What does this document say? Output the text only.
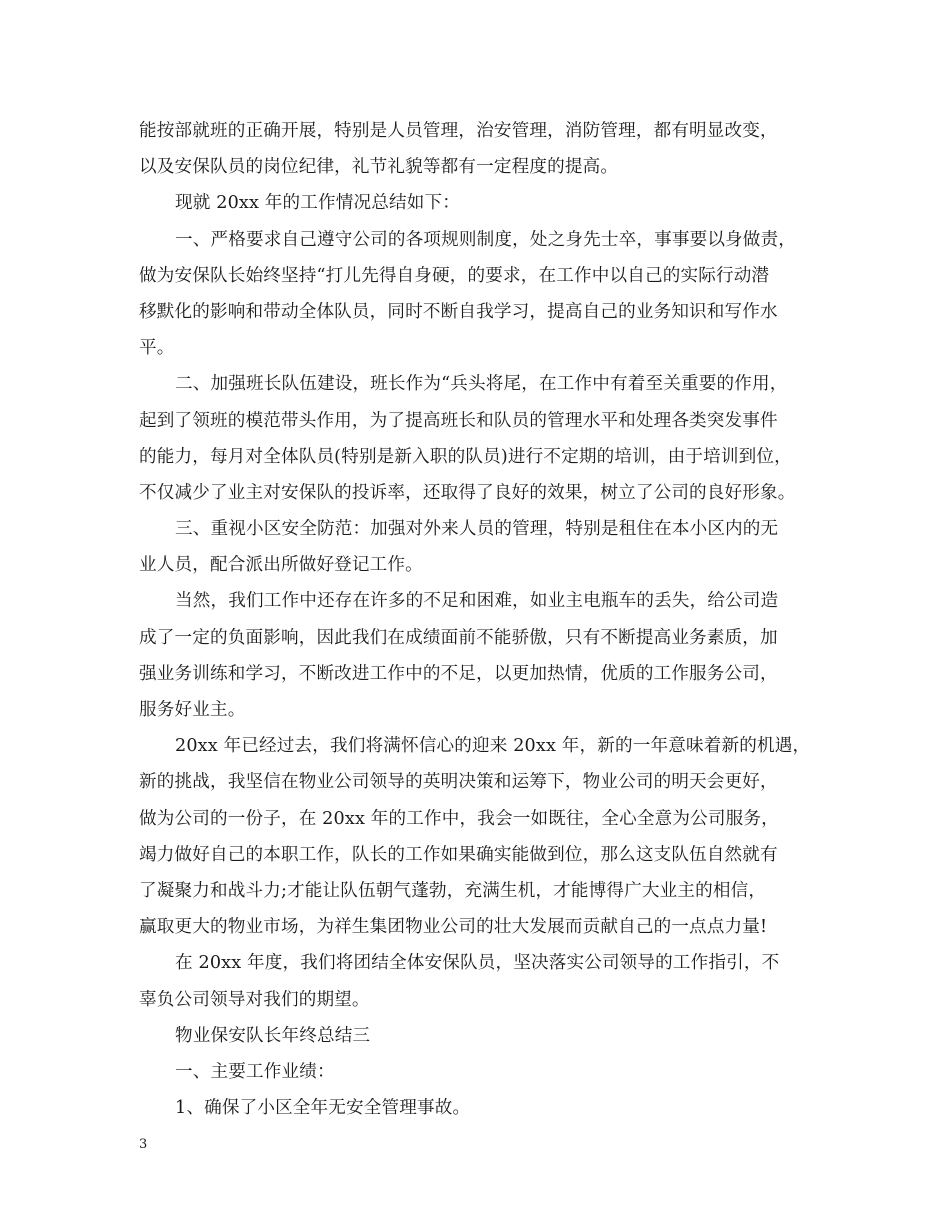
能按部就班的正确开展，特别是人员管理，治安管理，消防管理，都有明显改变，
以及安保队员的岗位纪律，礼节礼貌等都有一定程度的提高。
现就 20xx 年的工作情况总结如下：
一、严格要求自己遵守公司的各项规则制度，处之身先士卒，事事要以身做责，
做为安保队长始终坚持“打儿先得自身硬，的要求，在工作中以自己的实际行动潜
移默化的影响和带动全体队员，同时不断自我学习，提高自己的业务知识和写作水
平。
二、加强班长队伍建设，班长作为“兵头将尾，在工作中有着至关重要的作用，
起到了领班的模范带头作用，为了提高班长和队员的管理水平和处理各类突发事件
的能力，每月对全体队员(特别是新入职的队员)进行不定期的培训，由于培训到位，
不仅减少了业主对安保队的投诉率，还取得了良好的效果，树立了公司的良好形象。
三、重视小区安全防范：加强对外来人员的管理，特别是租住在本小区内的无
业人员，配合派出所做好登记工作。
当然，我们工作中还存在许多的不足和困难，如业主电瓶车的丢失，给公司造
成了一定的负面影响，因此我们在成绩面前不能骄傲，只有不断提高业务素质，加
强业务训练和学习，不断改进工作中的不足，以更加热情，优质的工作服务公司，
服务好业主。
20xx 年已经过去，我们将满怀信心的迎来 20xx 年，新的一年意味着新的机遇，
新的挑战，我坚信在物业公司领导的英明决策和运筹下，物业公司的明天会更好，
做为公司的一份子，在 20xx 年的工作中，我会一如既往，全心全意为公司服务，
竭力做好自己的本职工作，队长的工作如果确实能做到位，那么这支队伍自然就有
了凝聚力和战斗力;才能让队伍朝气蓬勃，充满生机，才能博得广大业主的相信，
赢取更大的物业市场，为祥生集团物业公司的壮大发展而贡献自己的一点点力量!
在 20xx 年度，我们将团结全体安保队员，坚决落实公司领导的工作指引，不
辜负公司领导对我们的期望。
物业保安队长年终总结三
一、主要工作业绩：
1、确保了小区全年无安全管理事故。
3
